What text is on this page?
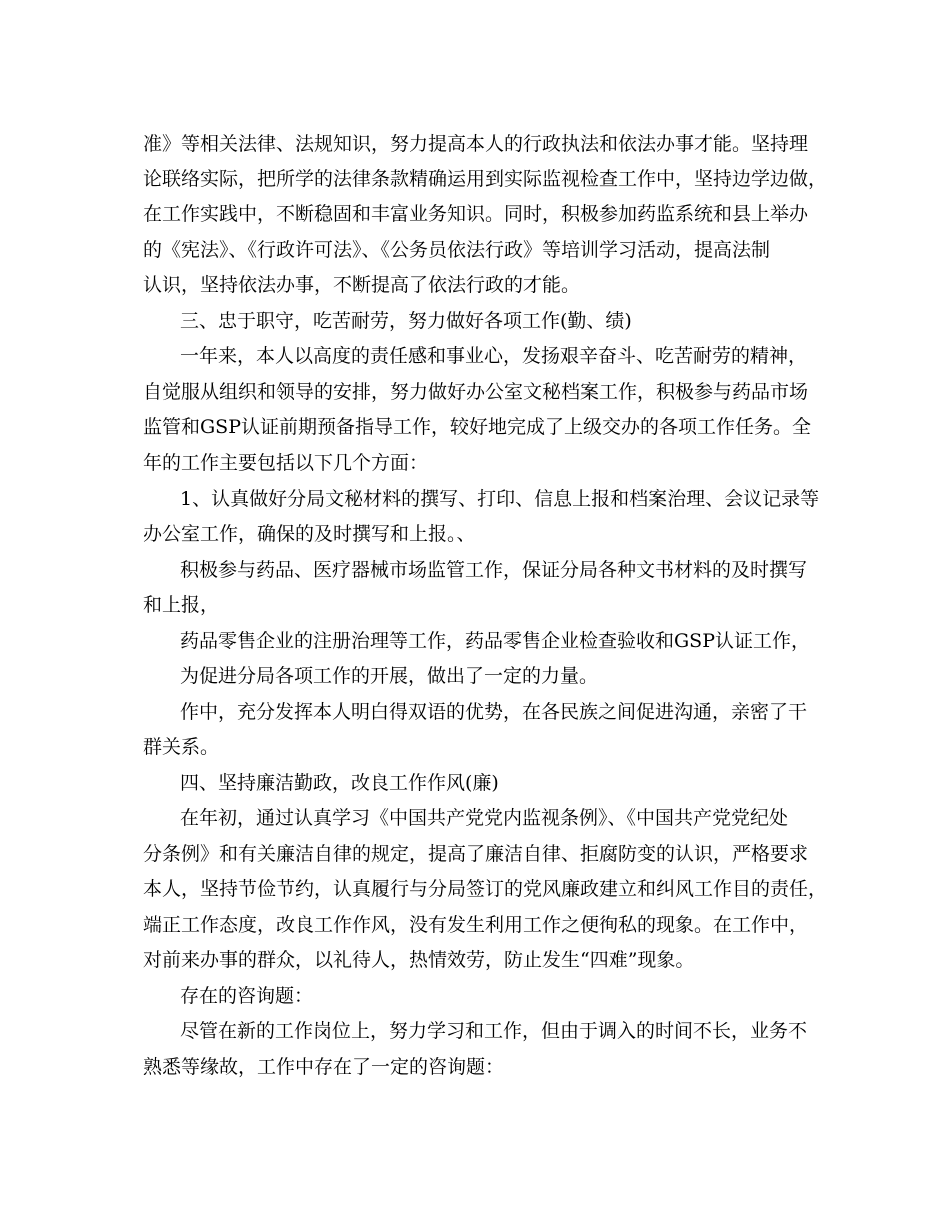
准》等相关法律、法规知识，努力提高本人的行政执法和依法办事才能。坚持理
论联络实际，把所学的法律条款精确运用到实际监视检查工作中，坚持边学边做，
在工作实践中，不断稳固和丰富业务知识。同时，积极参加药监系统和县上举办
的《宪法》、《行政许可法》、《公务员依法行政》等培训学习活动，提高法制
认识，坚持依法办事，不断提高了依法行政的才能。
三、忠于职守，吃苦耐劳，努力做好各项工作(勤、绩)
一年来，本人以高度的责任感和事业心，发扬艰辛奋斗、吃苦耐劳的精神，
自觉服从组织和领导的安排，努力做好办公室文秘档案工作，积极参与药品市场
监管和GSP认证前期预备指导工作，较好地完成了上级交办的各项工作任务。全
年的工作主要包括以下几个方面：
1、认真做好分局文秘材料的撰写、打印、信息上报和档案治理、会议记录等
办公室工作，确保的及时撰写和上报。、
积极参与药品、医疗器械市场监管工作，保证分局各种文书材料的及时撰写
和上报，
药品零售企业的注册治理等工作，药品零售企业检查验收和GSP认证工作，
为促进分局各项工作的开展，做出了一定的力量。
作中，充分发挥本人明白得双语的优势，在各民族之间促进沟通，亲密了干
群关系。
四、坚持廉洁勤政，改良工作作风(廉)
在年初，通过认真学习《中国共产党党内监视条例》、《中国共产党党纪处
分条例》和有关廉洁自律的规定，提高了廉洁自律、拒腐防变的认识，严格要求
本人，坚持节俭节约，认真履行与分局签订的党风廉政建立和纠风工作目的责任，
端正工作态度，改良工作作风，没有发生利用工作之便徇私的现象。在工作中，
对前来办事的群众，以礼待人，热情效劳，防止发生“四难”现象。
存在的咨询题：
尽管在新的工作岗位上，努力学习和工作，但由于调入的时间不长，业务不
熟悉等缘故，工作中存在了一定的咨询题：
